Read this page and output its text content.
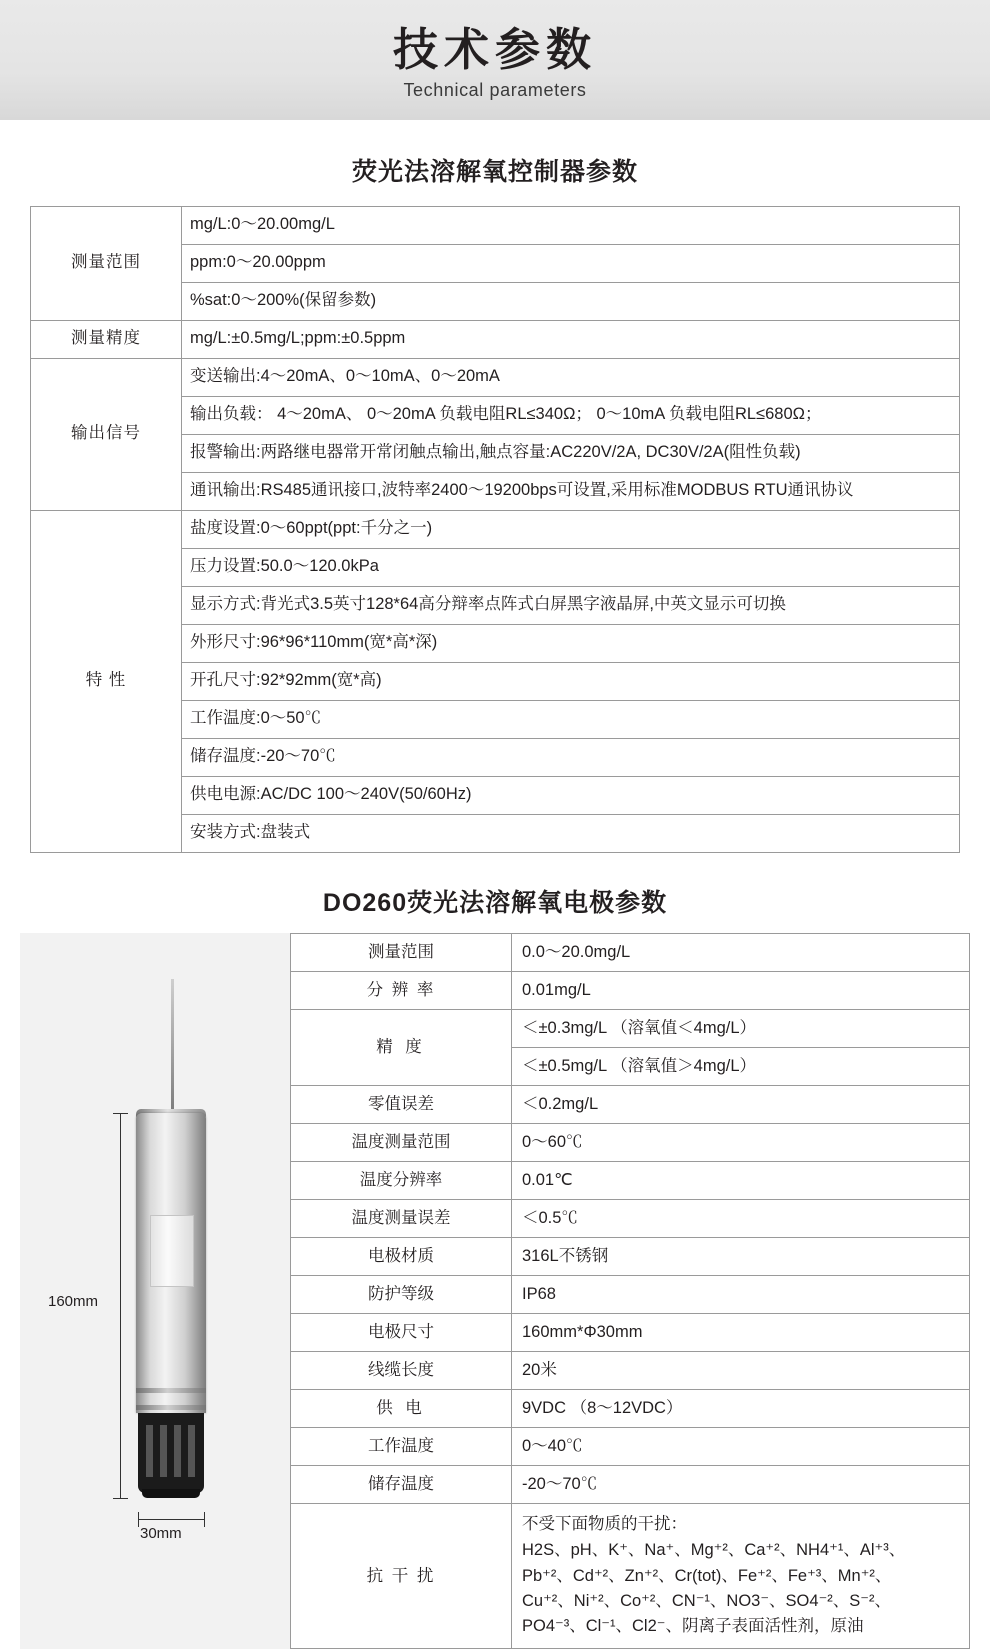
技术参数
Technical parameters
荧光法溶解氧控制器参数
测量范围	mg/L:0～20.00mg/L
	ppm:0～20.00ppm
	%sat:0～200%(保留参数)
测量精度	mg/L:±0.5mg/L;ppm:±0.5ppm
输出信号	变送输出:4～20mA、0～10mA、0～20mA
	输出负载： 4～20mA、 0～20mA 负载电阻RL≤340Ω； 0～10mA 负载电阻RL≤680Ω；
	报警输出:两路继电器常开常闭触点输出,触点容量:AC220V/2A, DC30V/2A(阻性负载)
	通讯输出:RS485通讯接口,波特率2400～19200bps可设置,采用标准MODBUS RTU通讯协议
特 性	盐度设置:0～60ppt(ppt:千分之一)
	压力设置:50.0～120.0kPa
	显示方式:背光式3.5英寸128*64高分辩率点阵式白屏黑字液晶屏,中英文显示可切换
	外形尺寸:96*96*110mm(宽*高*深)
	开孔尺寸:92*92mm(宽*高)
	工作温度:0～50℃
	储存温度:-20～70℃
	供电电源:AC/DC 100～240V(50/60Hz)
	安装方式:盘装式
DO260荧光法溶解氧电极参数
160mm
30mm
测量范围	0.0～20.0mg/L
分 辨 率	0.01mg/L
精 度	＜±0.3mg/L （溶氧值＜4mg/L）
	＜±0.5mg/L （溶氧值＞4mg/L）
零值误差	＜0.2mg/L
温度测量范围	0～60℃
温度分辨率	0.01℃
温度测量误差	＜0.5℃
电极材质	316L不锈钢
防护等级	IP68
电极尺寸	160mm*Φ30mm
线缆长度	20米
供 电	9VDC （8～12VDC）
工作温度	0～40℃
储存温度	-20～70℃
抗 干 扰	不受下面物质的干扰：
H2S、pH、K⁺、Na⁺、Mg⁺²、Ca⁺²、NH4⁺¹、Al⁺³、
Pb⁺²、Cd⁺²、Zn⁺²、Cr(tot)、Fe⁺²、Fe⁺³、Mn⁺²、
Cu⁺²、Ni⁺²、Co⁺²、CN⁻¹、NO3⁻、SO4⁻²、S⁻²、
PO4⁻³、Cl⁻¹、Cl2⁻、阴离子表面活性剂，原油
